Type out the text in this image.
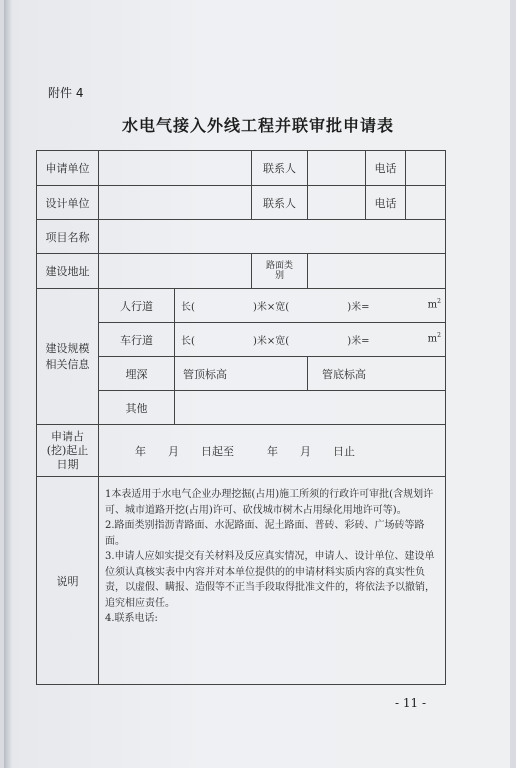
附件 4
水电气接入外线工程并联审批申请表
申请单位			联系人		电话	
设计单位			联系人		电话	
项目名称						
建设地址			路面类别			
建设规模相关信息	人行道	长( )米×宽( )米= $m^2$

	车行道	长( )米×宽( )米= $m^2$

	埋深	管顶标高		管底标高		
	其他					
申请占(挖)起止日期	年　　月　　日起至　　　年　　月　　日止					
说明	1本表适用于水电气企业办理挖掘(占用)施工所须的行政许可审批(含规划许可、城市道路开挖(占用)许可、砍伐城市树木占用绿化用地许可等)。
2.路面类别指沥青路面、水泥路面、泥土路面、普砖、彩砖、广场砖等路面。
3.申请人应如实提交有关材料及反应真实情况，申请人、设计单位、建设单位须认真核实表中内容并对本单位提供的的申请材料实质内容的真实性负责，以虚假、瞒报、造假等不正当手段取得批准文件的，将依法予以撤销，追究相应责任。
4.联系电话:					
- 11 -
